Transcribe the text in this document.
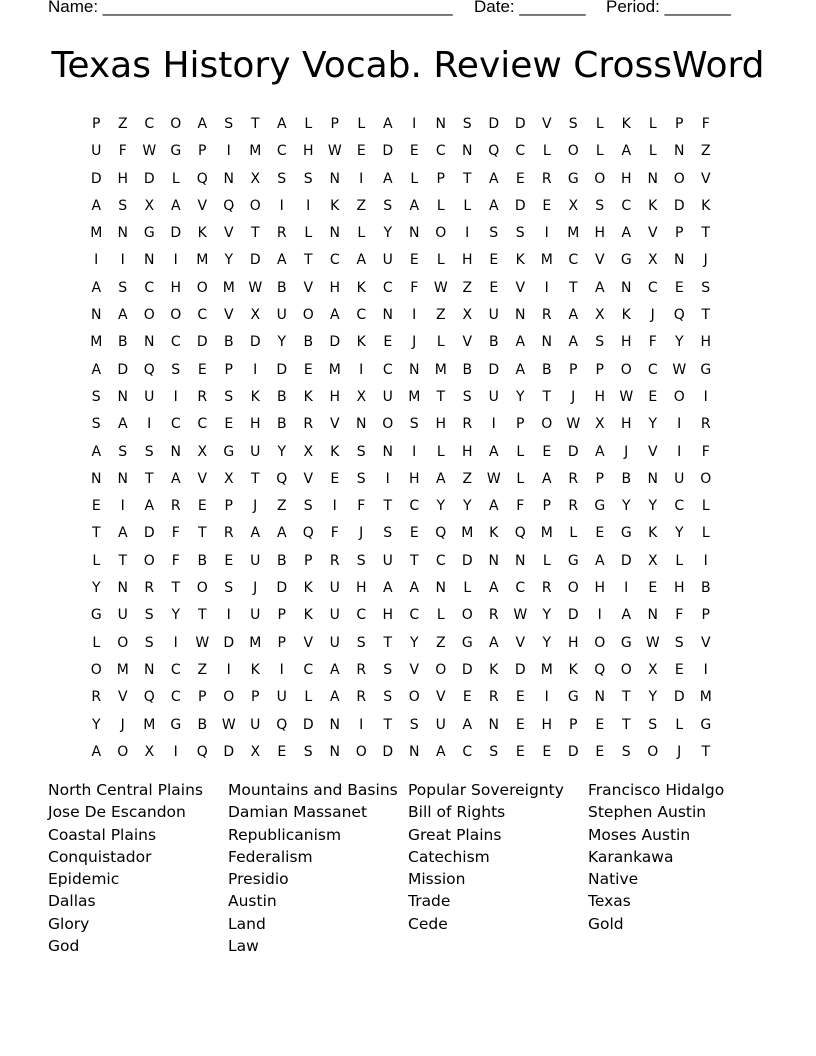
Name: _____________________________________ Date: _______ Period: _______
Texas History Vocab. Review CrossWord
P	Z	C	O	A	S	T	A	L	P	L	A	I	N	S	D	D	V	S	L	K	L	P	F
U	F	W	G	P	I	M	C	H	W	E	D	E	C	N	Q	C	L	O	L	A	L	N	Z
D	H	D	L	Q	N	X	S	S	N	I	A	L	P	T	A	E	R	G	O	H	N	O	V
A	S	X	A	V	Q	O	I	I	K	Z	S	A	L	L	A	D	E	X	S	C	K	D	K
M	N	G	D	K	V	T	R	L	N	L	Y	N	O	I	S	S	I	M	H	A	V	P	T
I	I	N	I	M	Y	D	A	T	C	A	U	E	L	H	E	K	M	C	V	G	X	N	J
A	S	C	H	O	M W	B	V	H	K	C	F	W	Z	E	V	I	T	A	N	C	E	S
N	A	O	O	C	V	X	U	O	A	C	N	I	Z	X	U	N	R	A	X	K	J	Q	T
M	B	N	C	D	B	D	Y	B	D	K	E	J	L	V	B	A	N	A	S	H	F	Y	H
A	D	Q	S	E	P	I	D	E	M	I	C	N	M	B	D	A	B	P	P	O	C	W	G
S	N	U	I	R	S	K	B	K	H	X	U	M	T	S	U	Y	T	J	H	W	E	O	I
S	A	I	C	C	E	H	B	R	V	N	O	S	H	R	I	P	O	W	X	H	Y	I	R
A	S	S	N	X	G	U	Y	X	K	S	N	I	L	H	A	L	E	D	A	J	V	I	F
N	N	T	A	V	X	T	Q	V	E	S	I	H	A	Z	W	L	A	R	P	B	N	U	O
E	I	A	R	E	P	J	Z	S	I	F	T	C	Y	Y	A	F	P	R	G	Y	Y	C	L
T	A	D	F	T	R	A	A	Q	F	J	S	E	Q	M	K	Q	M	L	E	G	K	Y	L
L	T	O	F	B	E	U	B	P	R	S	U	T	C	D	N	N	L	G	A	D	X	L	I
Y	N	R	T	O	S	J	D	K	U	H	A	A	N	L	A	C	R	O	H	I	E	H	B
G	U	S	Y	T	I	U	P	K	U	C	H	C	L	O	R	W	Y	D	I	A	N	F	P
L	O	S	I	W	D	M	P	V	U	S	T	Y	Z	G	A	V	Y	H	O	G	W	S	V
O	M	N	C	Z	I	K	I	C	A	R	S	V	O	D	K	D	M	K	Q	O	X	E	I
R	V	Q	C	P	O	P	U	L	A	R	S	O	V	E	R	E	I	G	N	T	Y	D	M
Y	J	M	G	B	W	U	Q	D	N	I	T	S	U	A	N	E	H	P	E	T	S	L	G
A	O	X	I	Q	D	X	E	S	N	O	D	N	A	C	S	E	E	D	E	S	O	J	T
North Central Plains
Jose De Escandon
Coastal Plains
Conquistador
Epidemic
Dallas
Glory
God
Mountains and Basins
Damian Massanet
Republicanism
Federalism
Presidio
Austin
Land
Law
Popular Sovereignty
Bill of Rights
Great Plains
Catechism
Mission
Trade
Cede
Francisco Hidalgo
Stephen Austin
Moses Austin
Karankawa
Native
Texas
Gold
